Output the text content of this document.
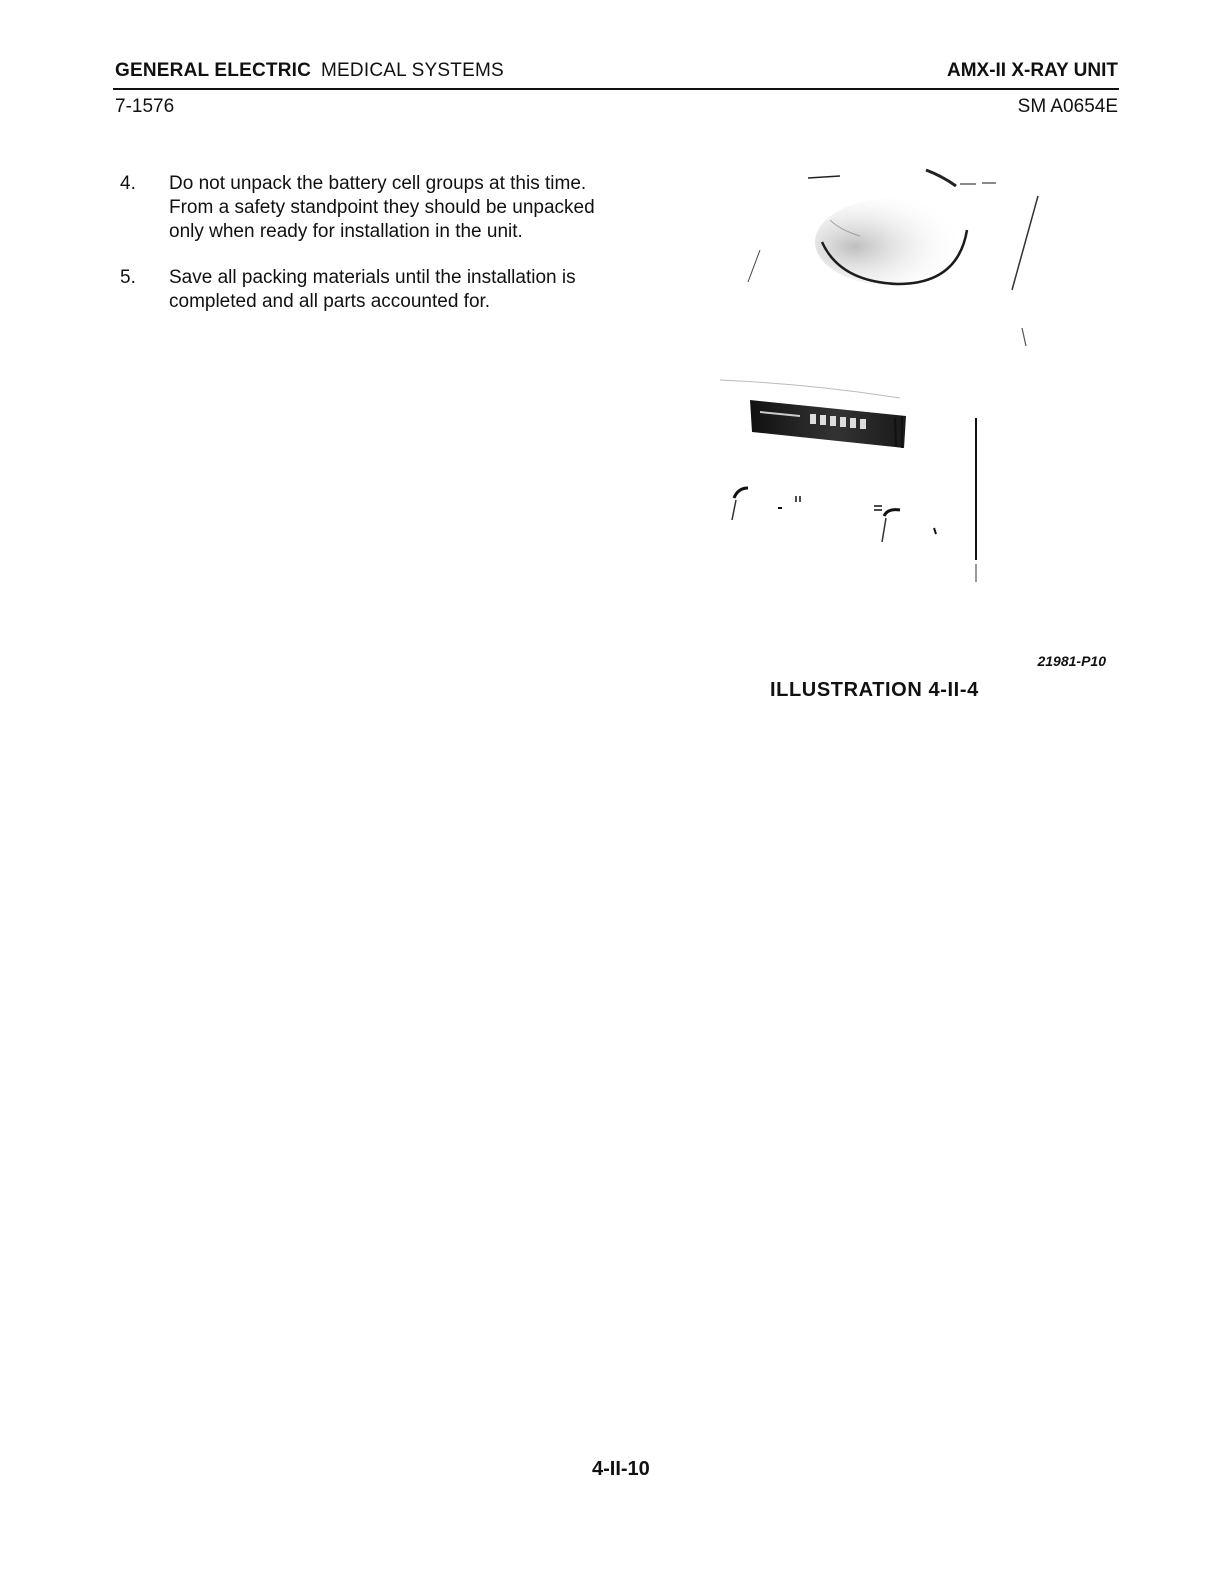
GENERAL ELECTRIC MEDICAL SYSTEMS	AMX-II X-RAY UNIT
7-1576	SM A0654E
4. Do not unpack the battery cell groups at this time. From a safety standpoint they should be unpacked only when ready for installation in the unit.
5. Save all packing materials until the installation is completed and all parts accounted for.
21981-P10
ILLUSTRATION 4-II-4
4-II-10
